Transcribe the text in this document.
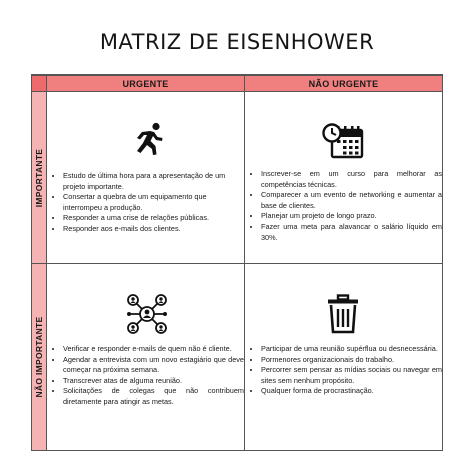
MATRIZ DE EISENHOWER
URGENTE	NÃO URGENTE
IMPORTANTE
NÃO IMPORTANTE
• Estudo de última hora para a apresentação de um projeto importante.
• Consertar a quebra de um equipamento que interrompeu a produção.
• Responder a uma crise de relações públicas.
• Responder aos e-mails dos clientes.
• Inscrever-se em um curso para melhorar as competências técnicas.
• Comparecer a um evento de networking e aumentar a base de clientes.
• Planejar um projeto de longo prazo.
• Fazer uma meta para alavancar o salário líquido em 30%.
• Verificar e responder e-mails de quem não é cliente.
• Agendar a entrevista com um novo estagiário que deve começar na próxima semana.
• Transcrever atas de alguma reunião.
• Solicitações de colegas que não contribuem diretamente para atingir as metas.
• Participar de uma reunião supérflua ou desnecessária.
• Pormenores organizacionais do trabalho.
• Percorrer sem pensar as mídias sociais ou navegar em sites sem nenhum propósito.
• Qualquer forma de procrastinação.
